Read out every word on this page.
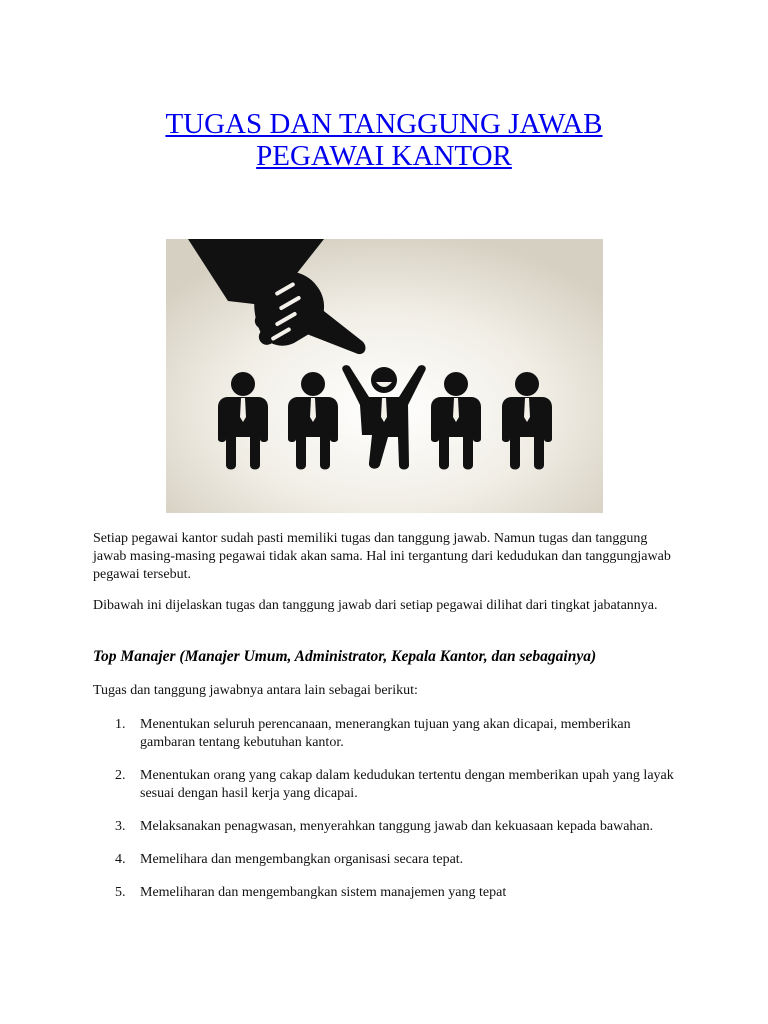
TUGAS DAN TANGGUNG JAWAB
PEGAWAI KANTOR

Setiap pegawai kantor sudah pasti memiliki tugas dan tanggung jawab. Namun tugas dan tanggung jawab masing-masing pegawai tidak akan sama. Hal ini tergantung dari kedudukan dan tanggungjawab pegawai tersebut.

Dibawah ini dijelaskan tugas dan tanggung jawab dari setiap pegawai dilihat dari tingkat jabatannya.

Top Manajer (Manajer Umum, Administrator, Kepala Kantor, dan sebagainya)

Tugas dan tanggung jawabnya antara lain sebagai berikut:

1. Menentukan seluruh perencanaan, menerangkan tujuan yang akan dicapai, memberikan gambaran tentang kebutuhan kantor.
2. Menentukan orang yang cakap dalam kedudukan tertentu dengan memberikan upah yang layak sesuai dengan hasil kerja yang dicapai.
3. Melaksanakan penagwasan, menyerahkan tanggung jawab dan kekuasaan kepada bawahan.
4. Memelihara dan mengembangkan organisasi secara tepat.
5. Memeliharan dan mengembangkan sistem manajemen yang tepat
